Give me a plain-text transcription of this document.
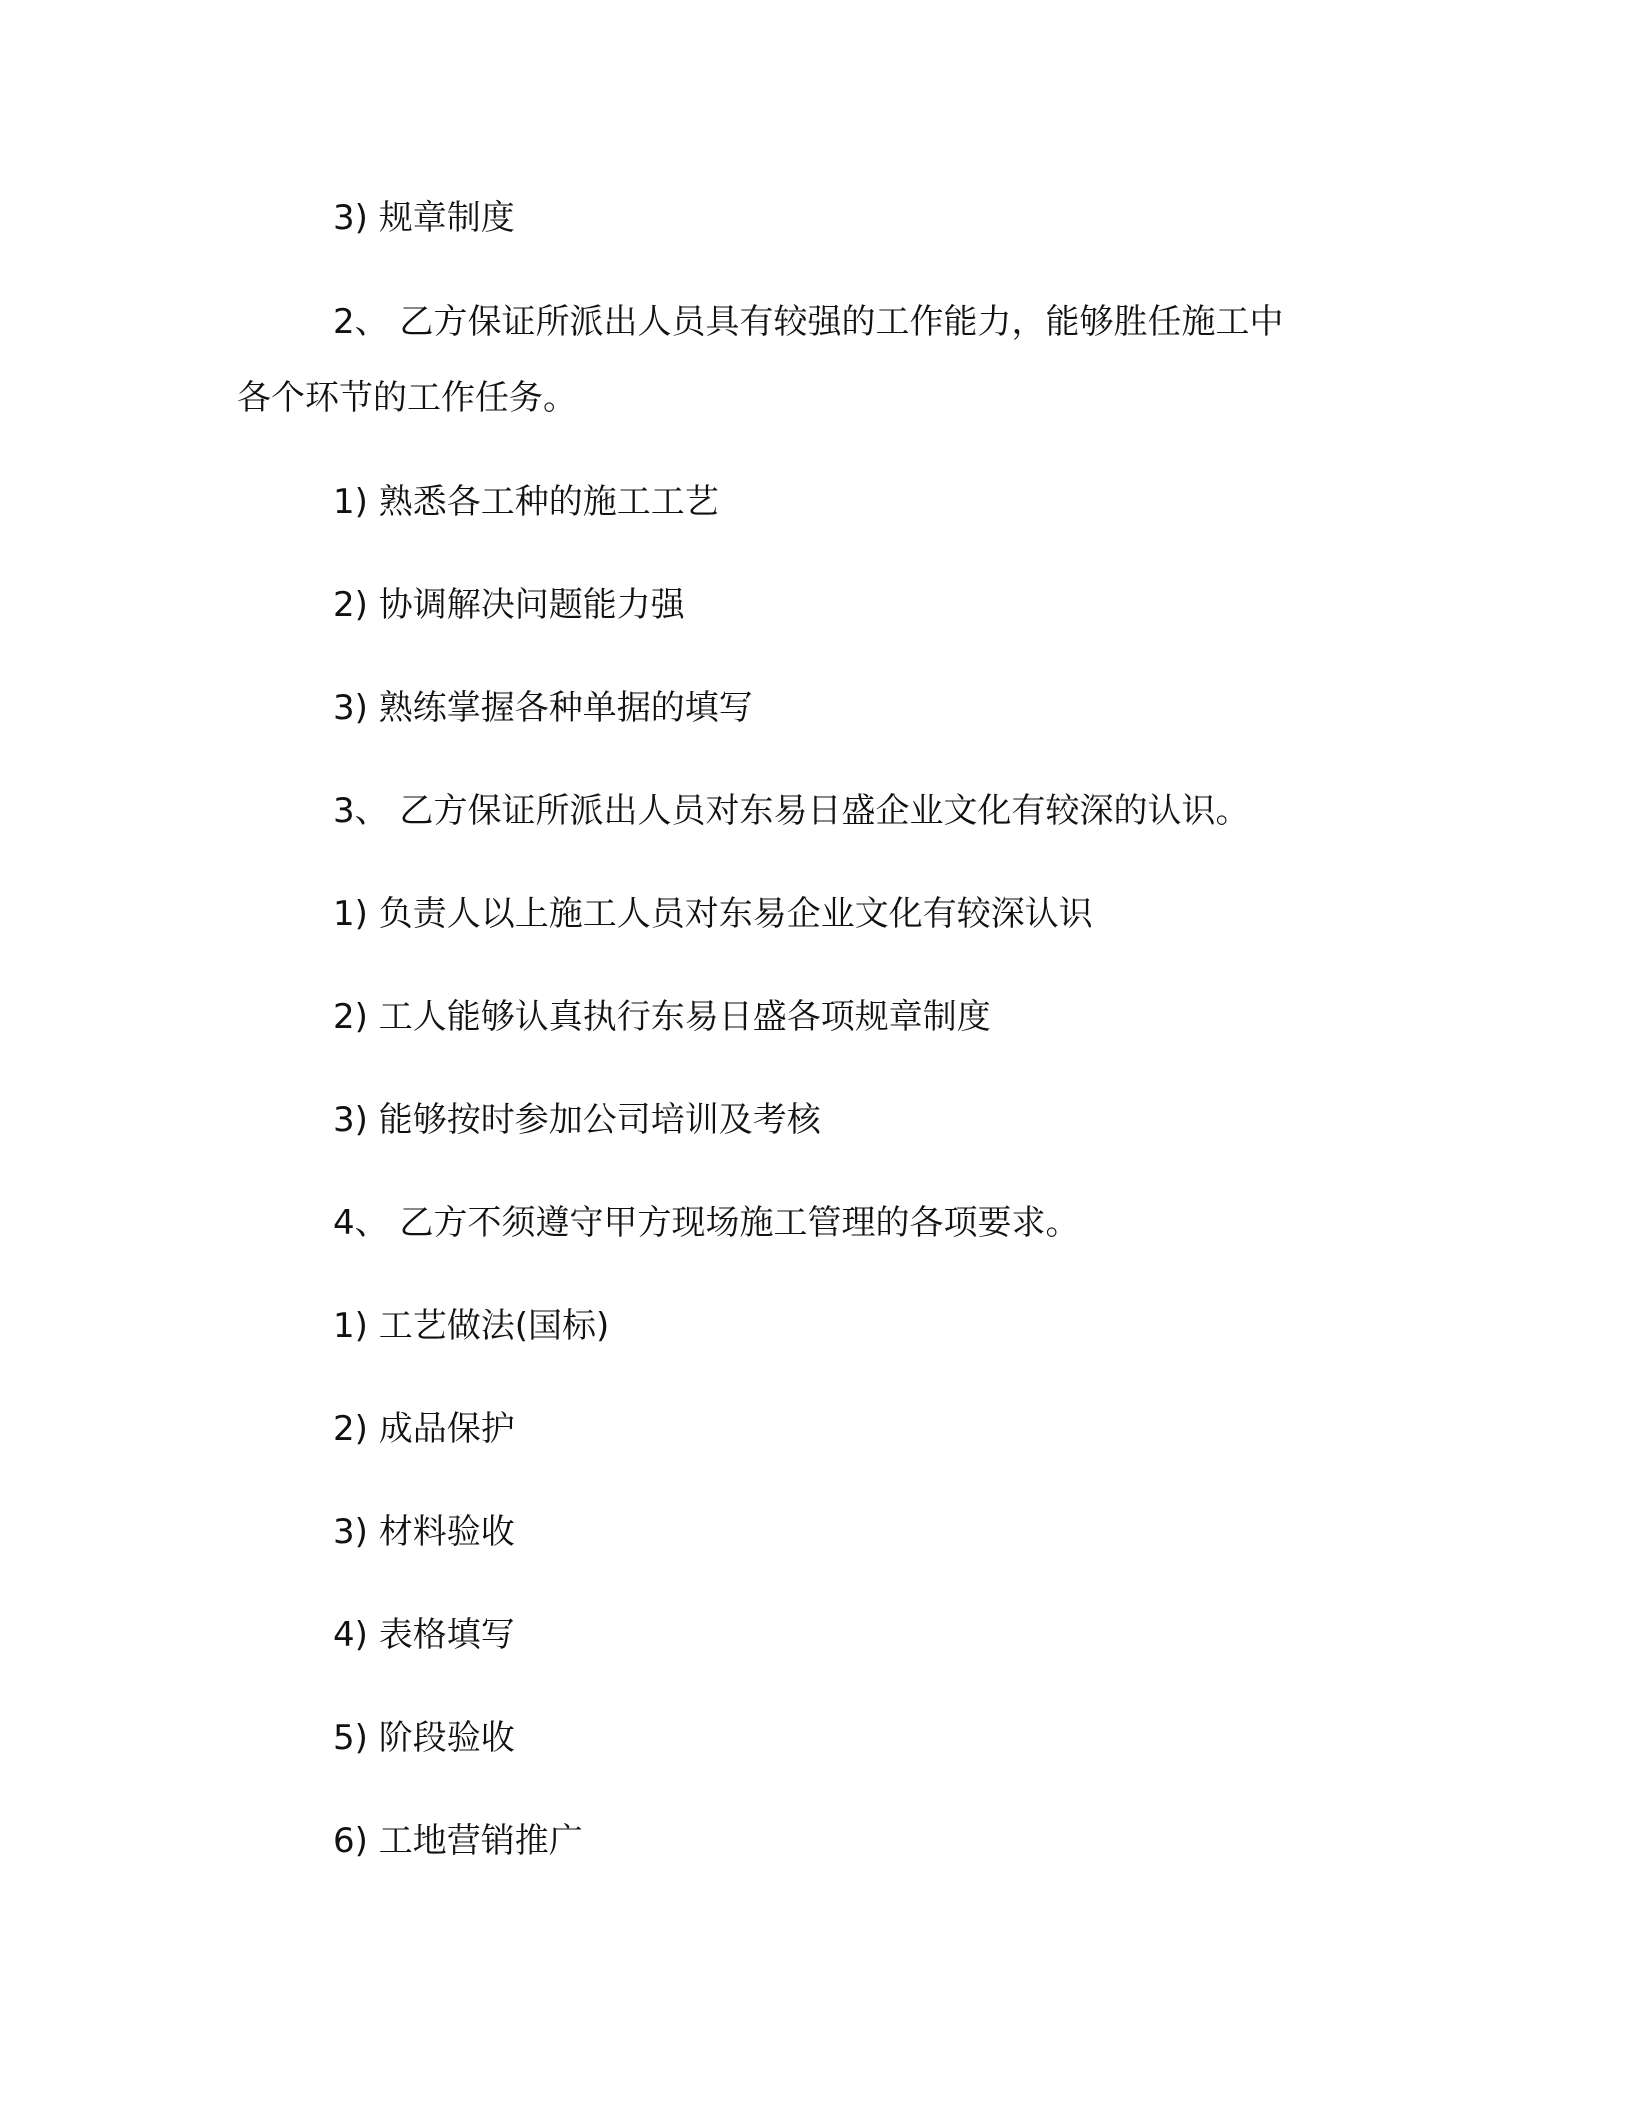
3) 规章制度
2、 乙方保证所派出人员具有较强的工作能力，能够胜任施工中
各个环节的工作任务。
1) 熟悉各工种的施工工艺
2) 协调解决问题能力强
3) 熟练掌握各种单据的填写
3、 乙方保证所派出人员对东易日盛企业文化有较深的认识。
1) 负责人以上施工人员对东易企业文化有较深认识
2) 工人能够认真执行东易日盛各项规章制度
3) 能够按时参加公司培训及考核
4、 乙方不须遵守甲方现场施工管理的各项要求。
1) 工艺做法(国标)
2) 成品保护
3) 材料验收
4) 表格填写
5) 阶段验收
6) 工地营销推广
